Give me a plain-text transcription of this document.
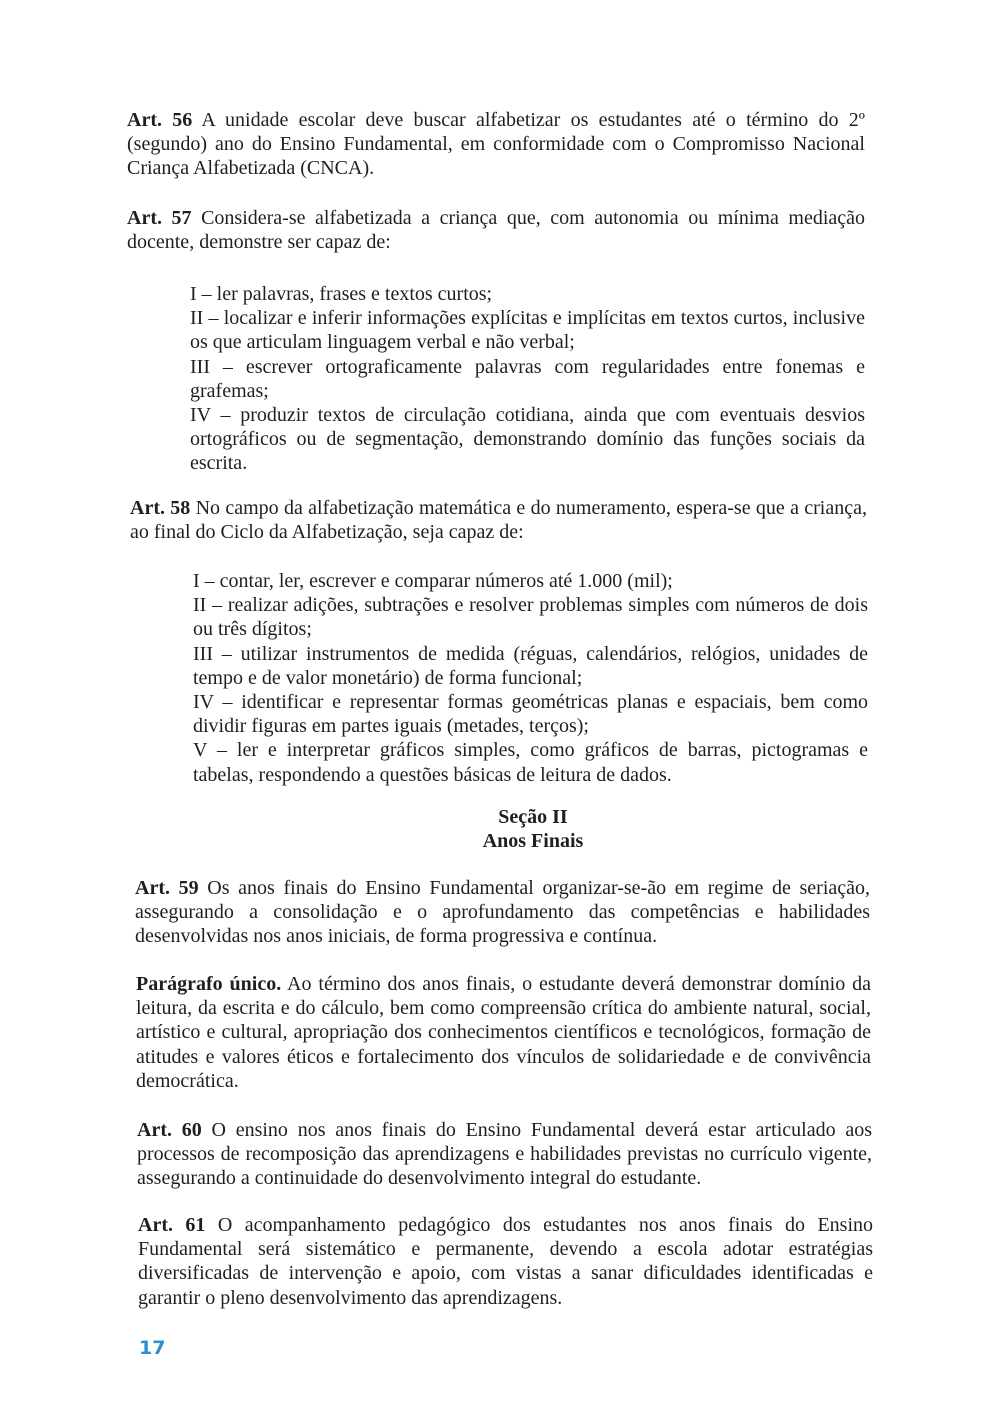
Art. 56 A unidade escolar deve buscar alfabetizar os estudantes até o término do 2º (segundo) ano do Ensino Fundamental, em conformidade com o Compromisso Nacional Criança Alfabetizada (CNCA).
Art. 57 Considera-se alfabetizada a criança que, com autonomia ou mínima mediação docente, demonstre ser capaz de:
I – ler palavras, frases e textos curtos;
II – localizar e inferir informações explícitas e implícitas em textos curtos, inclusive os que articulam linguagem verbal e não verbal;
III – escrever ortograficamente palavras com regularidades entre fonemas e grafemas;
IV – produzir textos de circulação cotidiana, ainda que com eventuais desvios ortográficos ou de segmentação, demonstrando domínio das funções sociais da escrita.
Art. 58 No campo da alfabetização matemática e do numeramento, espera-se que a criança, ao final do Ciclo da Alfabetização, seja capaz de:
I – contar, ler, escrever e comparar números até 1.000 (mil);
II – realizar adições, subtrações e resolver problemas simples com números de dois ou três dígitos;
III – utilizar instrumentos de medida (réguas, calendários, relógios, unidades de tempo e de valor monetário) de forma funcional;
IV – identificar e representar formas geométricas planas e espaciais, bem como dividir figuras em partes iguais (metades, terços);
V – ler e interpretar gráficos simples, como gráficos de barras, pictogramas e tabelas, respondendo a questões básicas de leitura de dados.
Seção II
Anos Finais
Art. 59 Os anos finais do Ensino Fundamental organizar-se-ão em regime de seriação, assegurando a consolidação e o aprofundamento das competências e habilidades desenvolvidas nos anos iniciais, de forma progressiva e contínua.
Parágrafo único. Ao término dos anos finais, o estudante deverá demonstrar domínio da leitura, da escrita e do cálculo, bem como compreensão crítica do ambiente natural, social, artístico e cultural, apropriação dos conhecimentos científicos e tecnológicos, formação de atitudes e valores éticos e fortalecimento dos vínculos de solidariedade e de convivência democrática.
Art. 60 O ensino nos anos finais do Ensino Fundamental deverá estar articulado aos processos de recomposição das aprendizagens e habilidades previstas no currículo vigente, assegurando a continuidade do desenvolvimento integral do estudante.
Art. 61 O acompanhamento pedagógico dos estudantes nos anos finais do Ensino Fundamental será sistemático e permanente, devendo a escola adotar estratégias diversificadas de intervenção e apoio, com vistas a sanar dificuldades identificadas e garantir o pleno desenvolvimento das aprendizagens.
17
